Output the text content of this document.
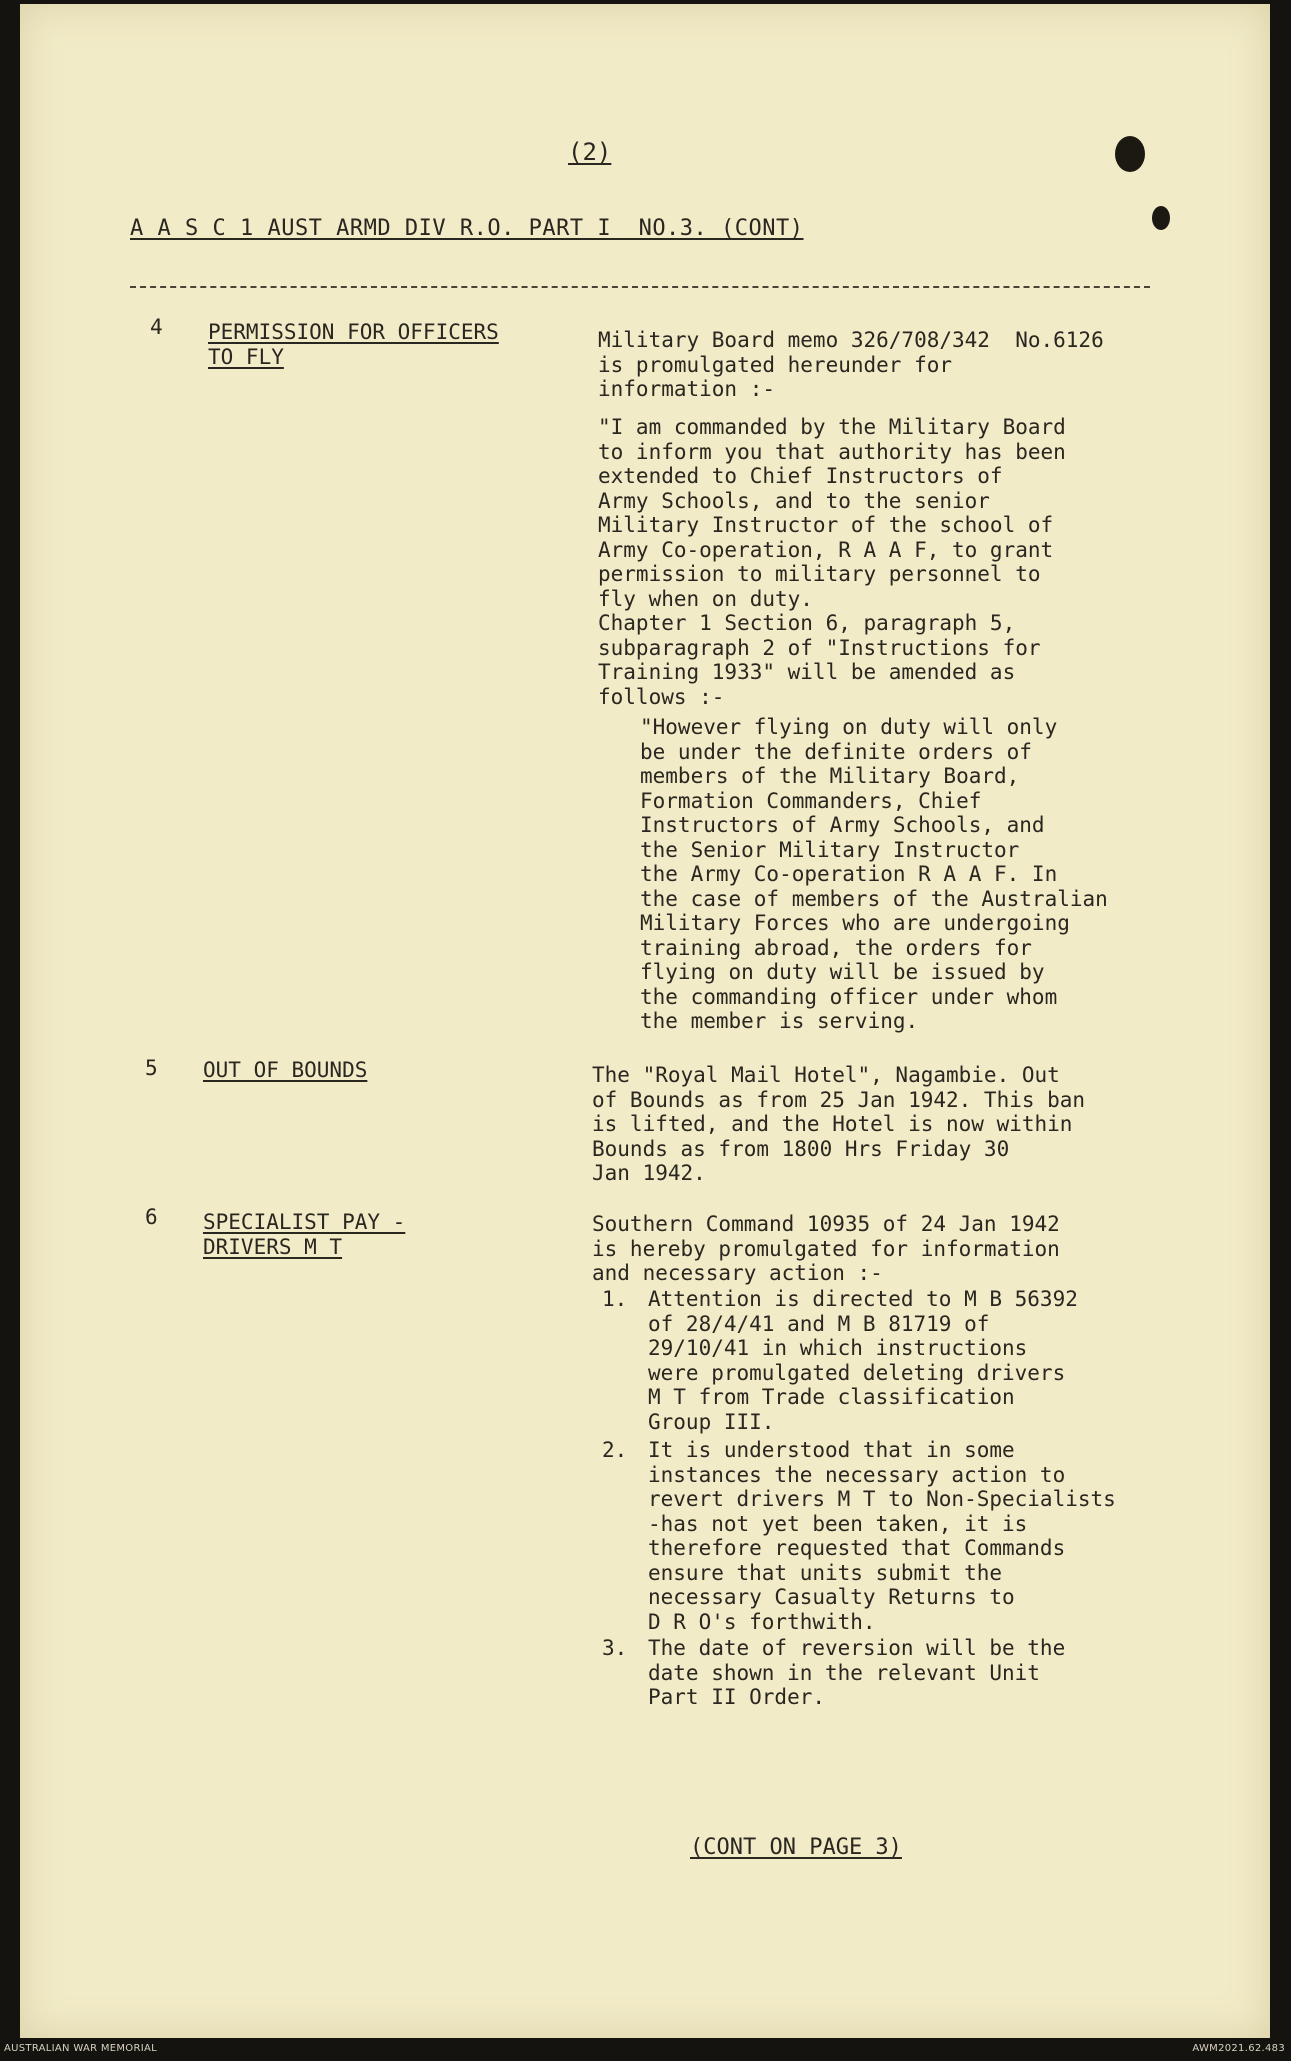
(2)
A A S C 1 AUST ARMD DIV R.O. PART I  NO.3. (CONT)
4 PERMISSION FOR OFFICERS
TO FLY
Military Board memo 326/708/342  No.6126
is promulgated hereunder for
information :-
"I am commanded by the Military Board
to inform you that authority has been
extended to Chief Instructors of
Army Schools, and to the senior
Military Instructor of the school of
Army Co-operation, R A A F, to grant
permission to military personnel to
fly when on duty.
Chapter 1 Section 6, paragraph 5,
subparagraph 2 of "Instructions for
Training 1933" will be amended as
follows :-
"However flying on duty will only
be under the definite orders of
members of the Military Board,
Formation Commanders, Chief
Instructors of Army Schools, and
the Senior Military Instructor
the Army Co-operation R A A F. In
the case of members of the Australian
Military Forces who are undergoing
training abroad, the orders for
flying on duty will be issued by
the commanding officer under whom
the member is serving.
5 OUT OF BOUNDS	The "Royal Mail Hotel", Nagambie. Out
of Bounds as from 25 Jan 1942. This ban
is lifted, and the Hotel is now within
Bounds as from 1800 Hrs Friday 30
Jan 1942.
6 SPECIALIST PAY -
DRIVERS M T
Southern Command 10935 of 24 Jan 1942
is hereby promulgated for information
and necessary action :-
1. Attention is directed to M B 56392
of 28/4/41 and M B 81719 of
29/10/41 in which instructions
were promulgated deleting drivers
M T from Trade classification
Group III.
2. It is understood that in some
instances the necessary action to
revert drivers M T to Non-Specialists
-has not yet been taken, it is
therefore requested that Commands
ensure that units submit the
necessary Casualty Returns to
D R O's forthwith.
3. The date of reversion will be the
date shown in the relevant Unit
Part II Order.
(CONT ON PAGE 3)
AUSTRALIAN WAR MEMORIAL	AWM2021.62.483
